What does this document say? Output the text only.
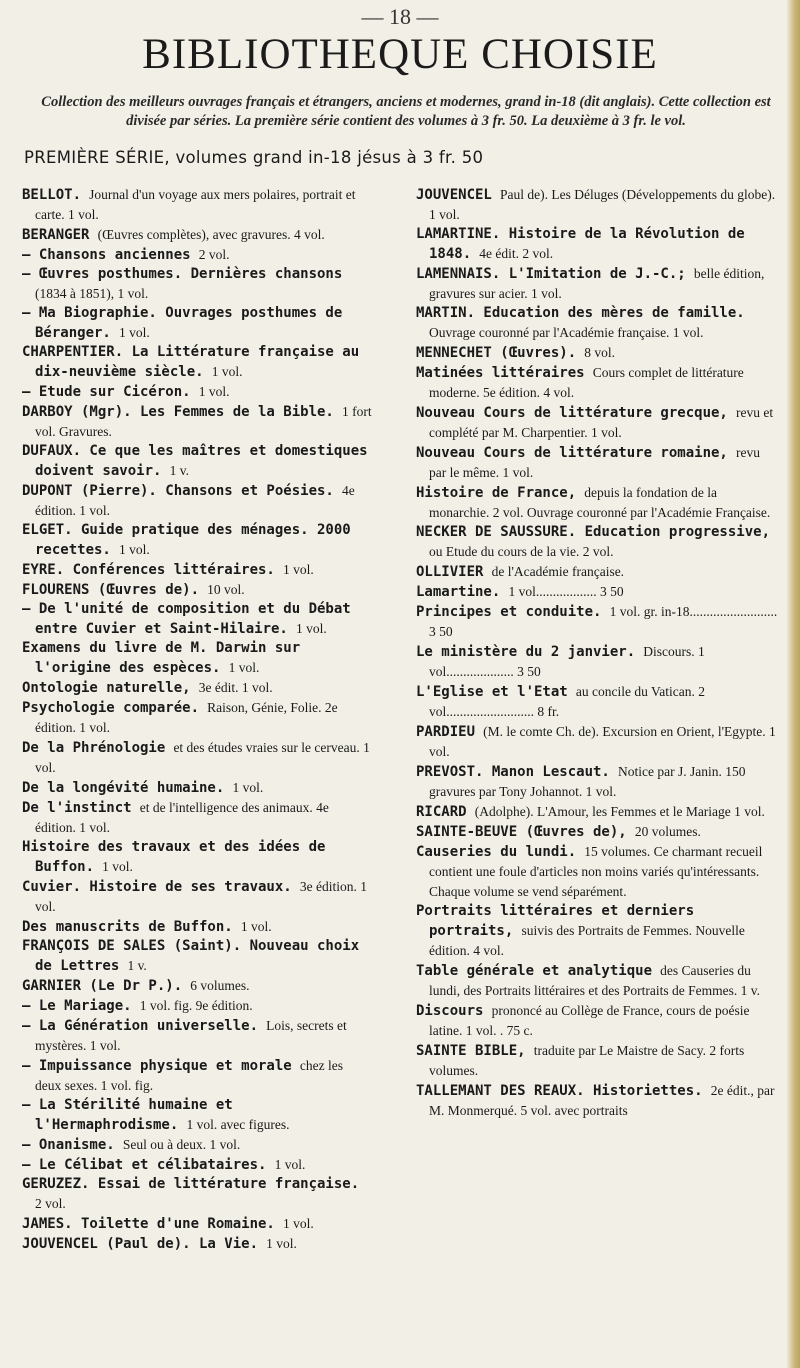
— 18 —
BIBLIOTHEQUE CHOISIE
Collection des meilleurs ouvrages français et étrangers, anciens et modernes, grand in-18 (dit anglais). Cette collection est divisée par séries. La première série contient des volumes à 3 fr. 50. La deuxième à 3 fr. le vol.
PREMIÈRE SÉRIE, volumes grand in-18 jésus à 3 fr. 50

BELLOT. Journal d'un voyage aux mers polaires, portrait et carte. 1 vol.

BERANGER (Œuvres complètes), avec gravures. 4 vol.

— Chansons anciennes 2 vol.

— Œuvres posthumes. Dernières chansons (1834 à 1851), 1 vol.

— Ma Biographie. Ouvrages posthumes de Béranger. 1 vol.

CHARPENTIER. La Littérature française au dix-neuvième siècle. 1 vol.

— Etude sur Cicéron. 1 vol.

DARBOY (Mgr). Les Femmes de la Bible. 1 fort vol. Gravures.

DUFAUX. Ce que les maîtres et domestiques doivent savoir. 1 v.

DUPONT (Pierre). Chansons et Poésies. 4e édition. 1 vol.

ELGET. Guide pratique des ménages. 2000 recettes. 1 vol.

EYRE. Conférences littéraires. 1 vol.

FLOURENS (Œuvres de). 10 vol.

— De l'unité de composition et du Débat entre Cuvier et Saint-Hilaire. 1 vol.

Examens du livre de M. Darwin sur l'origine des espèces. 1 vol.

Ontologie naturelle, 3e édit. 1 vol.

Psychologie comparée. Raison, Génie, Folie. 2e édition. 1 vol.

De la Phrénologie et des études vraies sur le cerveau. 1 vol.

De la longévité humaine. 1 vol.

De l'instinct et de l'intelligence des animaux. 4e édition. 1 vol.

Histoire des travaux et des idées de Buffon. 1 vol.

Cuvier. Histoire de ses travaux. 3e édition. 1 vol.

Des manuscrits de Buffon. 1 vol.

FRANÇOIS DE SALES (Saint). Nouveau choix de Lettres 1 v.

GARNIER (Le Dr P.). 6 volumes.

— Le Mariage. 1 vol. fig. 9e édition.

— La Génération universelle. Lois, secrets et mystères. 1 vol.

— Impuissance physique et morale chez les deux sexes. 1 vol. fig.

— La Stérilité humaine et l'Hermaphrodisme. 1 vol. avec figures.

— Onanisme. Seul ou à deux. 1 vol.

— Le Célibat et célibataires. 1 vol.

GERUZEZ. Essai de littérature française. 2 vol.

JAMES. Toilette d'une Romaine. 1 vol.

JOUVENCEL (Paul de). La Vie. 1 vol.

JOUVENCEL Paul de). Les Déluges (Développements du globe). 1 vol.

LAMARTINE. Histoire de la Révolution de 1848. 4e édit. 2 vol.

LAMENNAIS. L'Imitation de J.-C.; belle édition, gravures sur acier. 1 vol.

MARTIN. Education des mères de famille. Ouvrage couronné par l'Académie française. 1 vol.

MENNECHET (Œuvres). 8 vol.

Matinées littéraires Cours complet de littérature moderne. 5e édition. 4 vol.

Nouveau Cours de littérature grecque, revu et complété par M. Charpentier. 1 vol.

Nouveau Cours de littérature romaine, revu par le même. 1 vol.

Histoire de France, depuis la fondation de la monarchie. 2 vol. Ouvrage couronné par l'Académie Française.

NECKER DE SAUSSURE. Education progressive, ou Etude du cours de la vie. 2 vol.

OLLIVIER de l'Académie française.

Lamartine. 1 vol.................. 3 50

Principes et conduite. 1 vol. gr. in-18.......................... 3 50

Le ministère du 2 janvier. Discours. 1 vol.................... 3 50

L'Eglise et l'Etat au concile du Vatican. 2 vol.......................... 8 fr.

PARDIEU (M. le comte Ch. de). Excursion en Orient, l'Egypte. 1 vol.

PREVOST. Manon Lescaut. Notice par J. Janin. 150 gravures par Tony Johannot. 1 vol.

RICARD (Adolphe). L'Amour, les Femmes et le Mariage 1 vol.

SAINTE-BEUVE (Œuvres de), 20 volumes.

Causeries du lundi. 15 volumes. Ce charmant recueil contient une foule d'articles non moins variés qu'intéressants. Chaque volume se vend séparément.

Portraits littéraires et derniers portraits, suivis des Portraits de Femmes. Nouvelle édition. 4 vol.

Table générale et analytique des Causeries du lundi, des Portraits littéraires et des Portraits de Femmes. 1 v.

Discours prononcé au Collège de France, cours de poésie latine. 1 vol. . 75 c.

SAINTE BIBLE, traduite par Le Maistre de Sacy. 2 forts volumes.

TALLEMANT DES REAUX. Historiettes. 2e édit., par M. Monmerqué. 5 vol. avec portraits
